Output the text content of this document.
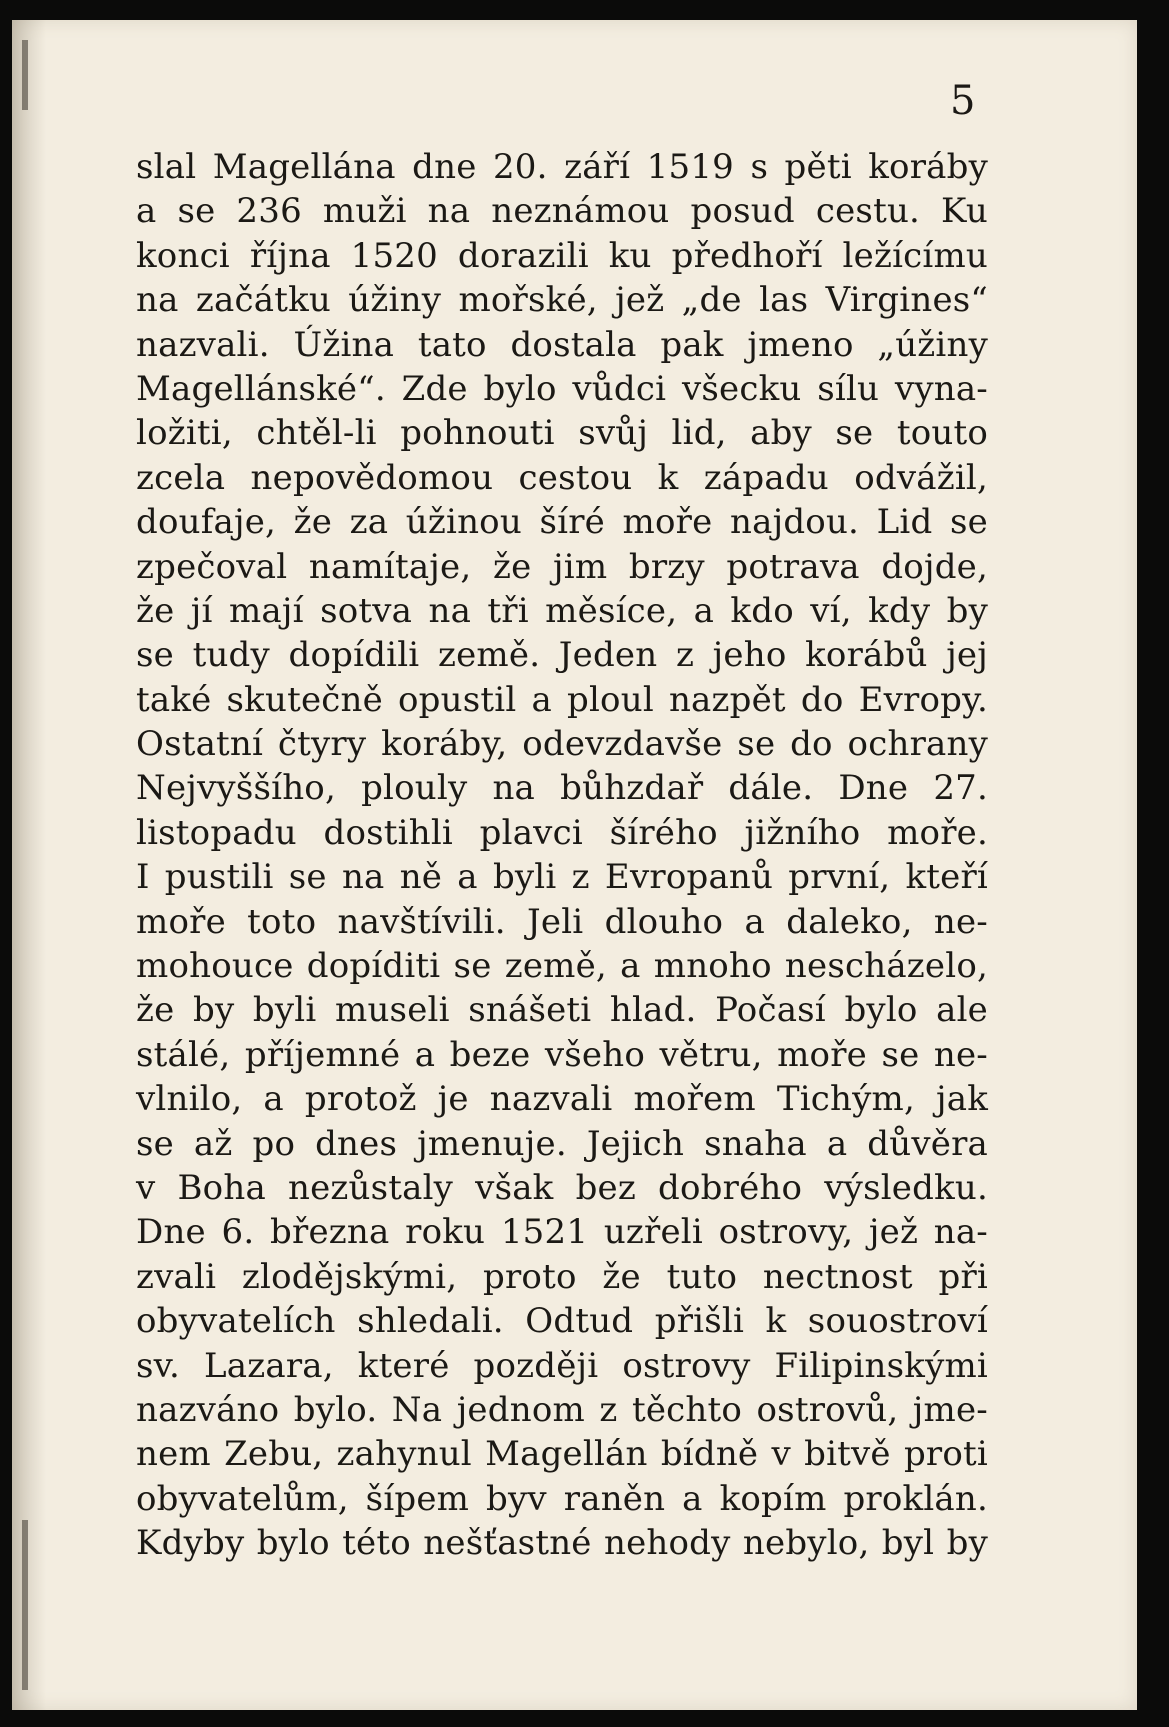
5
slal Magellána dne 20. září 1519 s pěti koráby
a se 236 muži na neznámou posud cestu. Ku
konci října 1520 dorazili ku předhoří ležícímu
na začátku úžiny mořské, jež „de las Virgines“
nazvali. Úžina tato dostala pak jmeno „úžiny
Magellánské“. Zde bylo vůdci všecku sílu vyna-
ložiti, chtěl-li pohnouti svůj lid, aby se touto
zcela nepovědomou cestou k západu odvážil,
doufaje, že za úžinou šíré moře najdou. Lid se
zpečoval namítaje, že jim brzy potrava dojde,
že jí mají sotva na tři měsíce, a kdo ví, kdy by
se tudy dopídili země. Jeden z jeho korábů jej
také skutečně opustil a ploul nazpět do Evropy.
Ostatní čtyry koráby, odevzdavše se do ochrany
Nejvyššího, plouly na bůhzdař dále. Dne 27.
listopadu dostihli plavci šírého jižního moře.
I pustili se na ně a byli z Evropanů první, kteří
moře toto navštívili. Jeli dlouho a daleko, ne-
mohouce dopíditi se země, a mnoho nescházelo,
že by byli museli snášeti hlad. Počasí bylo ale
stálé, příjemné a beze všeho větru, moře se ne-
vlnilo, a protož je nazvali mořem Tichým, jak
se až po dnes jmenuje. Jejich snaha a důvěra
v Boha nezůstaly však bez dobrého výsledku.
Dne 6. března roku 1521 uzřeli ostrovy, jež na-
zvali zlodějskými, proto že tuto nectnost při
obyvatelích shledali. Odtud přišli k souostroví
sv. Lazara, které později ostrovy Filipinskými
nazváno bylo. Na jednom z těchto ostrovů, jme-
nem Zebu, zahynul Magellán bídně v bitvě proti
obyvatelům, šípem byv raněn a kopím proklán.
Kdyby bylo této nešťastné nehody nebylo, byl by
